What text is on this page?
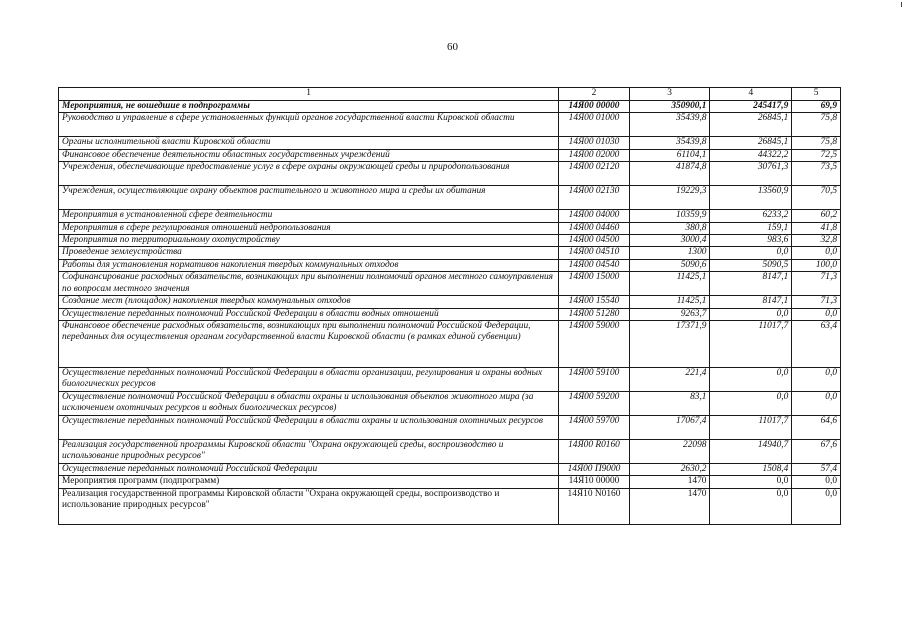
60
1	2	3	4	5
Мероприятия, не вошедшие в подпрограммы	14Я00 00000	350900,1	245417,9	69,9
Руководство и управление в сфере установленных функций органов государственной власти Кировской области	14Я00 01000	35439,8	26845,1	75,8
Органы исполнительной власти Кировской области	14Я00 01030	35439,8	26845,1	75,8
Финансовое обеспечение деятельности областных государственных учреждений	14Я00 02000	61104,1	44322,2	72,5
Учреждения, обеспечивающие предоставление услуг в сфере охраны окружающей среды и природопользования	14Я00 02120	41874,8	30761,3	73,5
Учреждения, осуществляющие охрану объектов растительного и животного мира и среды их обитания	14Я00 02130	19229,3	13560,9	70,5
Мероприятия в установленной сфере деятельности	14Я00 04000	10359,9	6233,2	60,2
Мероприятия в сфере регулирования отношений недропользования	14Я00 04460	380,8	159,1	41,8
Мероприятия по территориальному охотустройству	14Я00 04500	3000,4	983,6	32,8
Проведение землеустройства	14Я00 04510	1300	0,0	0,0
Работы для установления нормативов накопления твердых коммунальных отходов	14Я00 04540	5090,6	5090,5	100,0
Софинансирование расходных обязательств, возникающих при выполнении полномочий органов местного самоуправления по вопросам местного значения	14Я00 15000	11425,1	8147,1	71,3
Создание мест (площадок) накопления твердых коммунальных отходов	14Я00 15540	11425,1	8147,1	71,3
Осуществление переданных полномочий Российской Федерации в области водных отношений	14Я00 51280	9263,7	0,0	0,0
Финансовое обеспечение расходных обязательств, возникающих при выполнении полномочий Российской Федерации, переданных для осуществления органам государственной власти Кировской области (в рамках единой субвенции)	14Я00 59000	17371,9	11017,7	63,4
Осуществление переданных полномочий Российской Федерации в области организации, регулирования и охраны водных биологических ресурсов	14Я00 59100	221,4	0,0	0,0
Осуществление полномочий Российской Федерации в области охраны и использования объектов животного мира (за исключением охотничьих ресурсов и водных биологических ресурсов)	14Я00 59200	83,1	0,0	0,0
Осуществление переданных полномочий Российской Федерации в области охраны и использования охотничьих ресурсов	14Я00 59700	17067,4	11017,7	64,6
Реализация государственной программы Кировской области "Охрана окружающей среды, воспроизводство и использование природных ресурсов"	14Я00 R0160	22098	14940,7	67,6
Осуществление переданных полномочий Российской Федерации	14Я00 П9000	2630,2	1508,4	57,4
Мероприятия программ (подпрограмм)	14Я10 00000	1470	0,0	0,0
Реализация государственной программы Кировской области "Охрана окружающей среды, воспроизводство и использование природных ресурсов"	14Я10 N0160	1470	0,0	0,0
